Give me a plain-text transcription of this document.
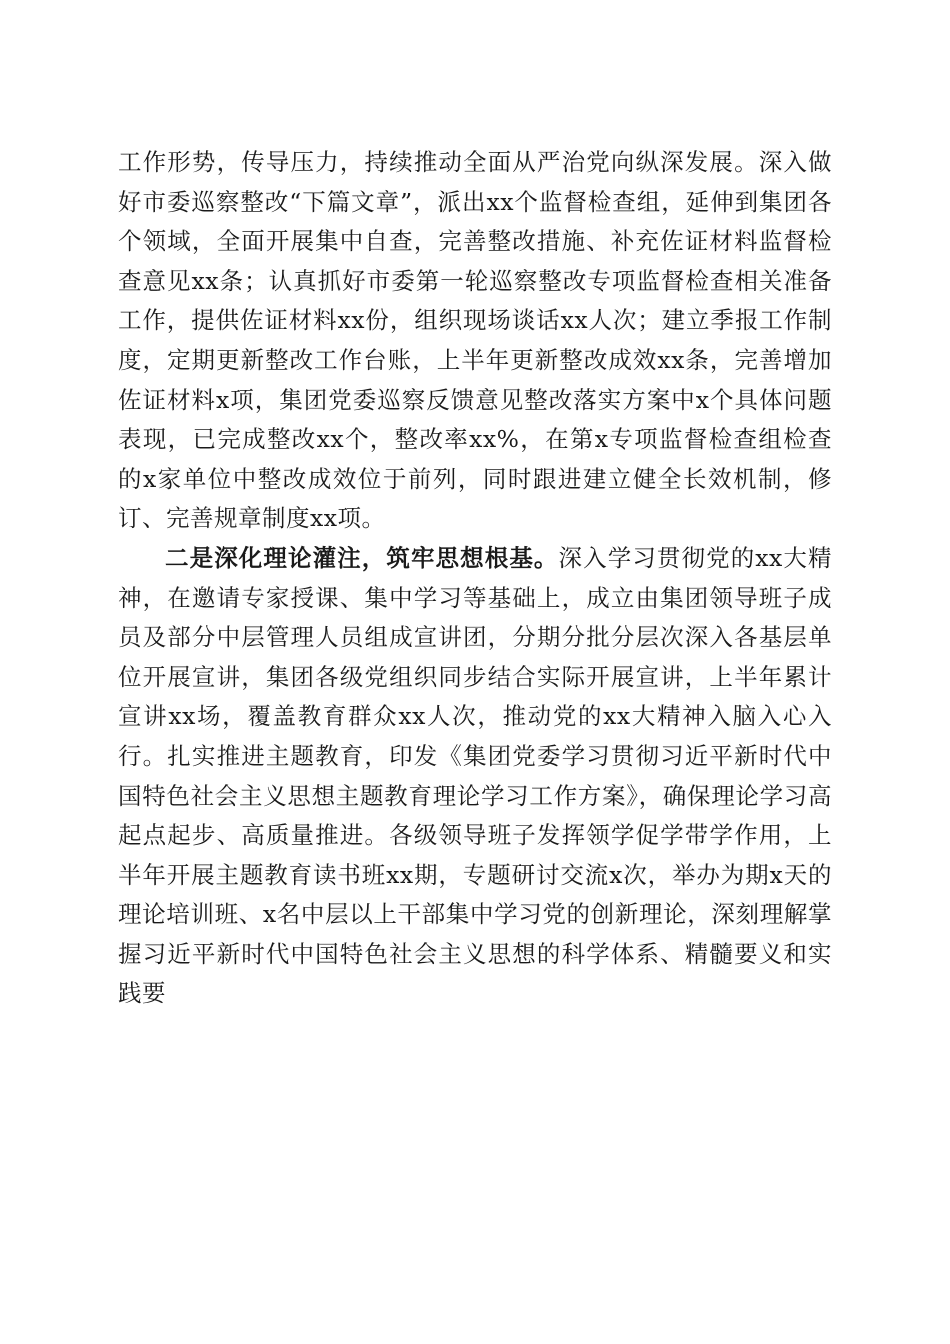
工作形势，传导压力，持续推动全面从严治党向纵深发展。深入做好市委巡察整改“下篇文章”，派出xx个监督检查组，延伸到集团各个领域，全面开展集中自查，完善整改措施、补充佐证材料监督检查意见xx条；认真抓好市委第一轮巡察整改专项监督检查相关准备工作，提供佐证材料xx份，组织现场谈话xx人次；建立季报工作制度，定期更新整改工作台账，上半年更新整改成效xx条，完善增加佐证材料x项，集团党委巡察反馈意见整改落实方案中x个具体问题表现，已完成整改xx个，整改率xx%，在第x专项监督检查组检查的x家单位中整改成效位于前列，同时跟进建立健全长效机制，修订、完善规章制度xx项。

二是深化理论灌注，筑牢思想根基。深入学习贯彻党的xx大精神，在邀请专家授课、集中学习等基础上，成立由集团领导班子成员及部分中层管理人员组成宣讲团，分期分批分层次深入各基层单位开展宣讲，集团各级党组织同步结合实际开展宣讲，上半年累计宣讲xx场，覆盖教育群众xx人次，推动党的xx大精神入脑入心入行。扎实推进主题教育，印发《集团党委学习贯彻习近平新时代中国特色社会主义思想主题教育理论学习工作方案》，确保理论学习高起点起步、高质量推进。各级领导班子发挥领学促学带学作用，上半年开展主题教育读书班xx期，专题研讨交流x次，举办为期x天的理论培训班、x名中层以上干部集中学习党的创新理论，深刻理解掌握习近平新时代中国特色社会主义思想的科学体系、精髓要义和实践要
